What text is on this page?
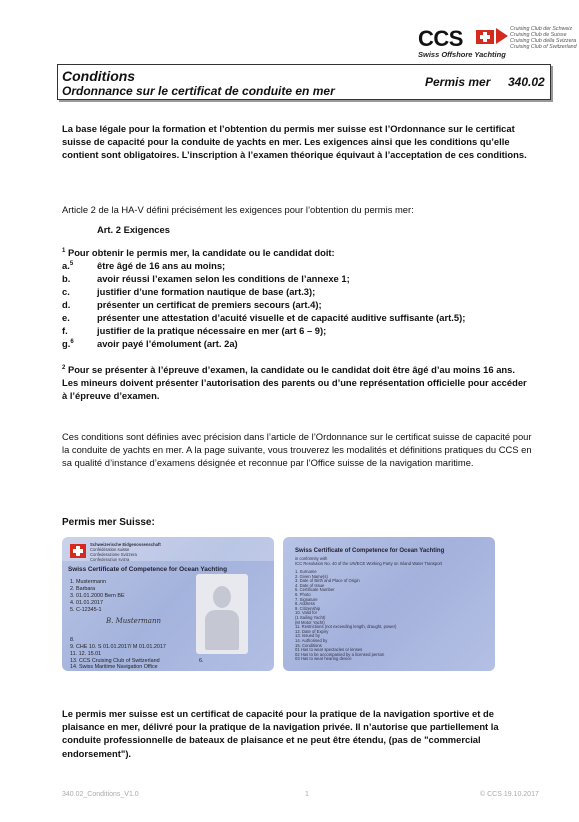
CCS
Swiss Offshore Yachting
Cruising Club der Schweiz
Cruising Club de Suisse
Cruising Club della Svizzera
Cruising Club of Switzerland
Conditions
Ordonnance sur le certificat de conduite en mer
Permis mer 340.02
La base légale pour la formation et l’obtention du permis mer suisse est l’Ordonnance sur le certificat suisse de capacité pour la conduite de yachts en mer. Les exigences ainsi que les conditions qu’elle contient sont obligatoires. L’inscription à l’examen théorique équivaut à l’acceptation de ces conditions.
Article 2 de la HA-V défini précisément les exigences pour l’obtention du permis mer:
Art. 2 Exigences
$^1$ Pour obtenir le permis mer, la candidate ou le candidat doit:
a.$^5$	être âgé de 16 ans au moins;
b.	avoir réussi l’examen selon les conditions de l’annexe 1;
c.	justifier d’une formation nautique de base (art.3);
d.	présenter un certificat de premiers secours (art.4);
e.	présenter une attestation d’acuité visuelle et de capacité auditive suffisante (art.5);
f.	justifier de la pratique nécessaire en mer (art 6 – 9);
g.$^6$ avoir payé l’émolument (art. 2a)
$^2$ Pour se présenter à l’épreuve d’examen, la candidate ou le candidat doit être âgé d’au moins 16 ans. Les mineurs doivent présenter l’autorisation des parents ou d’une représentation officielle pour accéder à l’épreuve d’examen.
Ces conditions sont définies avec précision dans l’article de l’Ordonnance sur le certificat suisse de capacité pour la conduite de yachts en mer. A la page suivante, vous trouverez les modalités et définitions pratiques du CCS en sa qualité d’instance d’examens désignée et reconnue par l’Office suisse de la navigation maritime.
Permis mer Suisse:
Schweizerische Eidgenossenschaft
Confédération suisse
Confederazione Svizzera
Confederaziun svizra
Swiss Certificate of Competence for Ocean Yachting
1. Mustermann
2. Barbara
3. 01.01.2000 Bern BE
4. 01.01.2017
5. C-12345-1
B. Mustermann
8.
9. CHE 10. S 01.01.2017/ M 01.01.2017
11. 12. 15.01
13. CCS Cruising Club of Switzerland
14. Swiss Maritime Navigation Office
6.
Swiss Certificate of Competence for Ocean Yachting
in conformity with
ICC Resolution No. 40 of the UN/ECE Working Party on Inland Water Transport
1. Surname
2. Given Name(s)
3. Date of Birth and Place of Origin
4. Date of Issue
5. Certificate Number
6. Photo
7. Signature
8. Address
9. Citizenship
10. Valid for
(1 Sailing Yacht)
(M Motor Yacht)
11. Restrictions (not exceeding length, draught, power)
12. Date of Expiry
13. Issued by
14. Authorised by
15. Conditions
01 Has to wear spectacles or lenses
02 Has to be accompanied by a licensed person
03 Has to wear hearing device
Le permis mer suisse est un certificat de capacité pour la pratique de la navigation sportive et de plaisance en mer, délivré pour la pratique de la navigation privée. Il n’autorise que partiellement la conduite professionnelle de bateaux de plaisance et ne peut être étendu, (pas de "commercial endorsement").
340.02_Conditions_V1.0	1	© CCS 19.10.2017
